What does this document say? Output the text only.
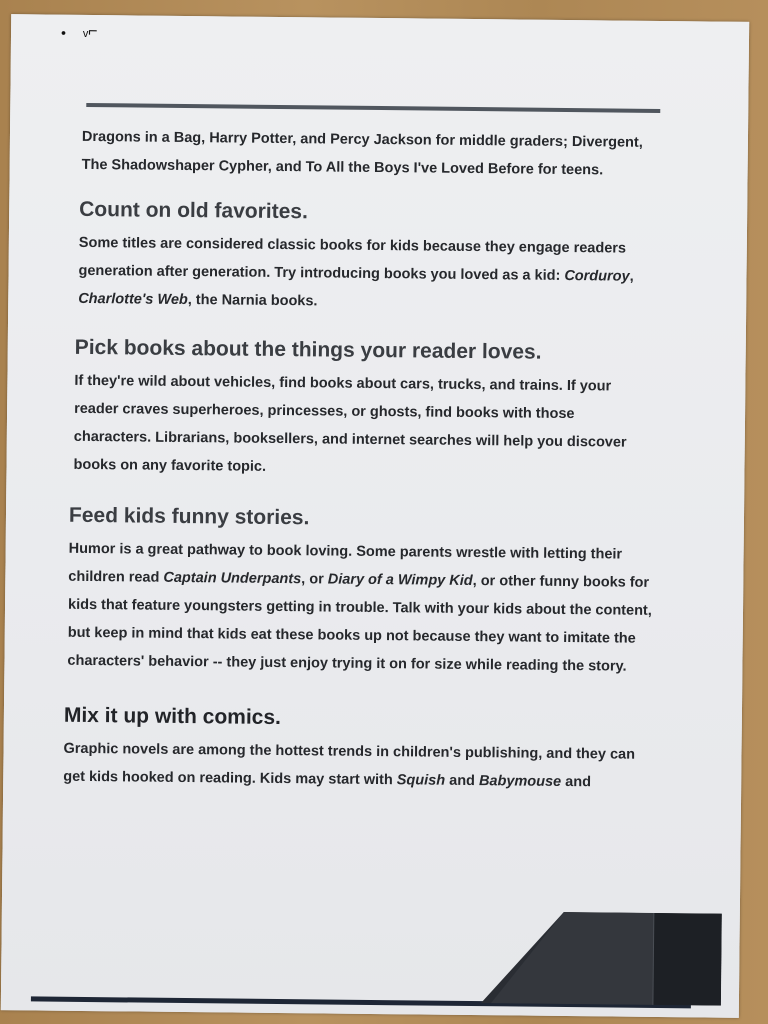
• ᵥ⌐

Dragons in a Bag, Harry Potter, and Percy Jackson for middle graders; Divergent, The Shadowshaper Cypher, and To All the Boys I've Loved Before for teens.

Count on old favorites.

Some titles are considered classic books for kids because they engage readers generation after generation. Try introducing books you loved as a kid: Corduroy, Charlotte's Web, the Narnia books.

Pick books about the things your reader loves.

If they're wild about vehicles, find books about cars, trucks, and trains. If your reader craves superheroes, princesses, or ghosts, find books with those characters. Librarians, booksellers, and internet searches will help you discover books on any favorite topic.

Feed kids funny stories.

Humor is a great pathway to book loving. Some parents wrestle with letting their children read Captain Underpants, or Diary of a Wimpy Kid, or other funny books for kids that feature youngsters getting in trouble. Talk with your kids about the content, but keep in mind that kids eat these books up not because they want to imitate the characters' behavior -- they just enjoy trying it on for size while reading the story.

Mix it up with comics.

Graphic novels are among the hottest trends in children's publishing, and they can get kids hooked on reading. Kids may start with Squish and Babymouse and
